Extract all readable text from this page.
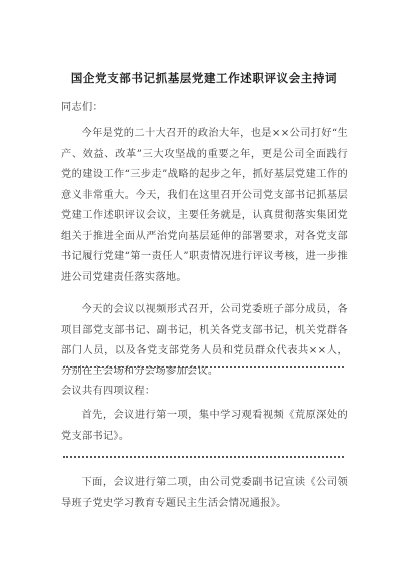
国企党支部书记抓基层党建工作述职评议会主持词

同志们：

今年是党的二十大召开的政治大年，也是××公司打好“生产、效益、改革”三大攻坚战的重要之年，更是公司全面践行党的建设工作“三步走”战略的起步之年，抓好基层党建工作的意义非常重大。今天，我们在这里召开公司党支部书记抓基层党建工作述职评议会议，主要任务就是，认真贯彻落实集团党组关于推进全面从严治党向基层延伸的部署要求，对各党支部书记履行党建“第一责任人”职责情况进行评议考核，进一步推进公司党建责任落实落地。

今天的会议以视频形式召开，公司党委班子部分成员，各项目部党支部书记、副书记，机关各党支部书记，机关党群各部门人员，以及各党支部党务人员和党员群众代表共××人，分别在主会场和分会场参加会议。

会议共有四项议程：

首先，会议进行第一项，集中学习观看视频《荒原深处的党支部书记》。

下面，会议进行第二项，由公司党委副书记宣读《公司领导班子党史学习教育专题民主生活会情况通报》。
